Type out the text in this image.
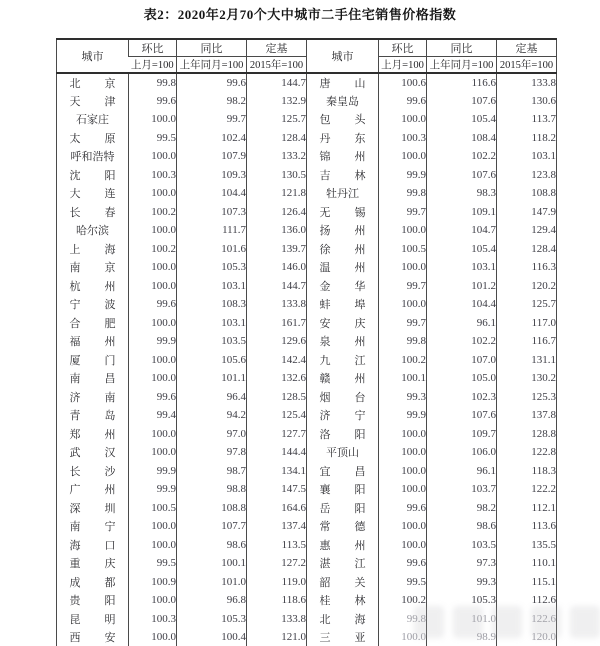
表2：2020年2月70个大中城市二手住宅销售价格指数
城市	环比	同比	定基	城市	环比	同比	定基
	上月=100	上年同月=100	2015年=100		上月=100	上年同月=100	2015年=100

北 京	99.8	99.6	144.7	唐 山	100.6	116.6	133.8

天 津	99.6	98.2	132.9	秦皇岛	99.6	107.6	130.6
石家庄	100.0	99.7	125.7	包 头	100.0	105.4	113.7

太 原	99.5	102.4	128.4	丹 东	100.3	108.4	118.2
呼和浩特	100.0	107.9	133.2	锦 州	100.0	102.2	103.1

沈 阳	100.3	109.3	130.5	吉 林	99.9	107.6	123.8

大 连	100.0	104.4	121.8	牡丹江	99.8	98.3	108.8

长 春	100.2	107.3	126.4	无 锡	99.7	109.1	147.9
哈尔滨	100.0	111.7	136.0	扬 州	100.0	104.7	129.4

上 海	100.2	101.6	139.7	徐 州	100.5	105.4	128.4

南 京	100.0	105.3	146.0	温 州	100.0	103.1	116.3

杭 州	100.0	103.1	144.7	金 华	99.7	101.2	120.2

宁 波	99.6	108.3	133.8	蚌 埠	100.0	104.4	125.7

合 肥	100.0	103.1	161.7	安 庆	99.7	96.1	117.0

福 州	99.9	103.5	129.6	泉 州	99.8	102.2	116.7

厦 门	100.0	105.6	142.4	九 江	100.2	107.0	131.1

南 昌	100.0	101.1	132.6	赣 州	100.1	105.0	130.2

济 南	99.6	96.4	128.5	烟 台	99.3	102.3	125.3

青 岛	99.4	94.2	125.4	济 宁	99.9	107.6	137.8

郑 州	100.0	97.0	127.7	洛 阳	100.0	109.7	128.8

武 汉	100.0	97.8	144.4	平顶山	100.0	106.0	122.8

长 沙	99.9	98.7	134.1	宜 昌	100.0	96.1	118.3

广 州	99.9	98.8	147.5	襄 阳	100.0	103.7	122.2

深 圳	100.5	108.8	164.6	岳 阳	99.6	98.2	112.1

南 宁	100.0	107.7	137.4	常 德	100.0	98.6	113.6

海 口	100.0	98.6	113.5	惠 州	100.0	103.5	135.5

重 庆	99.5	100.1	127.2	湛 江	99.6	97.3	110.1

成 都	100.9	101.0	119.0	韶 关	99.5	99.3	115.1

贵 阳	100.0	96.8	118.6	桂 林	100.2	105.3	112.6

昆 明	100.3	105.3	133.8	北 海	99.8	101.0	122.6

西 安	100.0	100.4	121.0	三 亚	100.0	98.9	120.0
